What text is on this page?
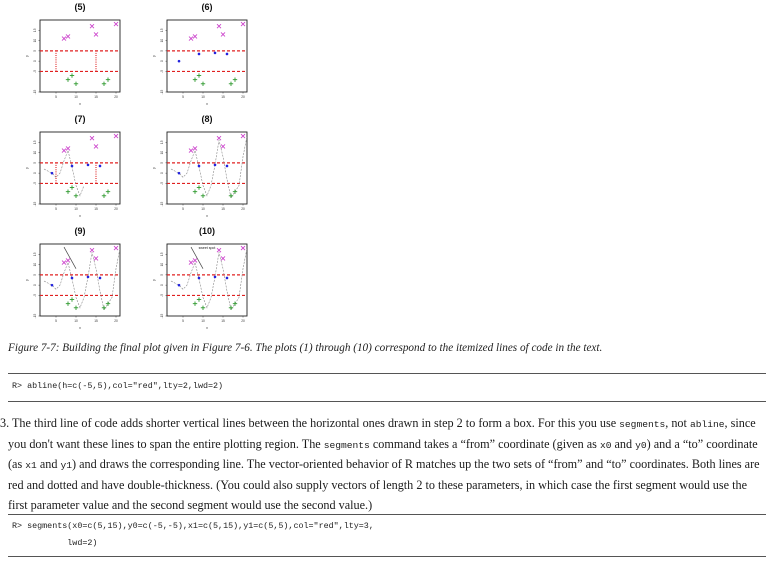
(5)
5	10	15	20
x
-15
-5
0
5
10
15
y
(6)
5	10	15	20
x
-15
-5
0
5
10
15
y
(7)
5	10	15	20
x
-15
-5
0
5
10
15
y
(8)
5	10	15	20
x
-15
-5
0
5
10
15
y
(9)
5	10	15	20
x
-15
-5
0
5
10
15
y
(10)
5	10	15	20
x
-15
-5
0
5
10
15
y
sweet spot
Figure 7-7: Building the final plot given in Figure 7-6. The plots (1) through (10) correspond to the itemized lines of code in the text.
R> abline(h=c(-5,5),col="red",lty=2,lwd=2)
3. The third line of code adds shorter vertical lines between the horizontal ones drawn in step 2 to form a box. For this you use segments, not abline, since you don't want these lines to span the entire plotting region. The segments command takes a “from” coordinate (given as x0 and y0) and a “to” coordinate (as x1 and y1) and draws the corresponding line. The vector-oriented behavior of R matches up the two sets of “from” and “to” coordinates. Both lines are red and dotted and have double-thickness. (You could also supply vectors of length 2 to these parameters, in which case the first segment would use the first parameter value and the second segment would use the second value.)
R> segments(x0=c(5,15),y0=c(-5,-5),x1=c(5,15),y1=c(5,5),col="red",lty=3,
lwd=2)
